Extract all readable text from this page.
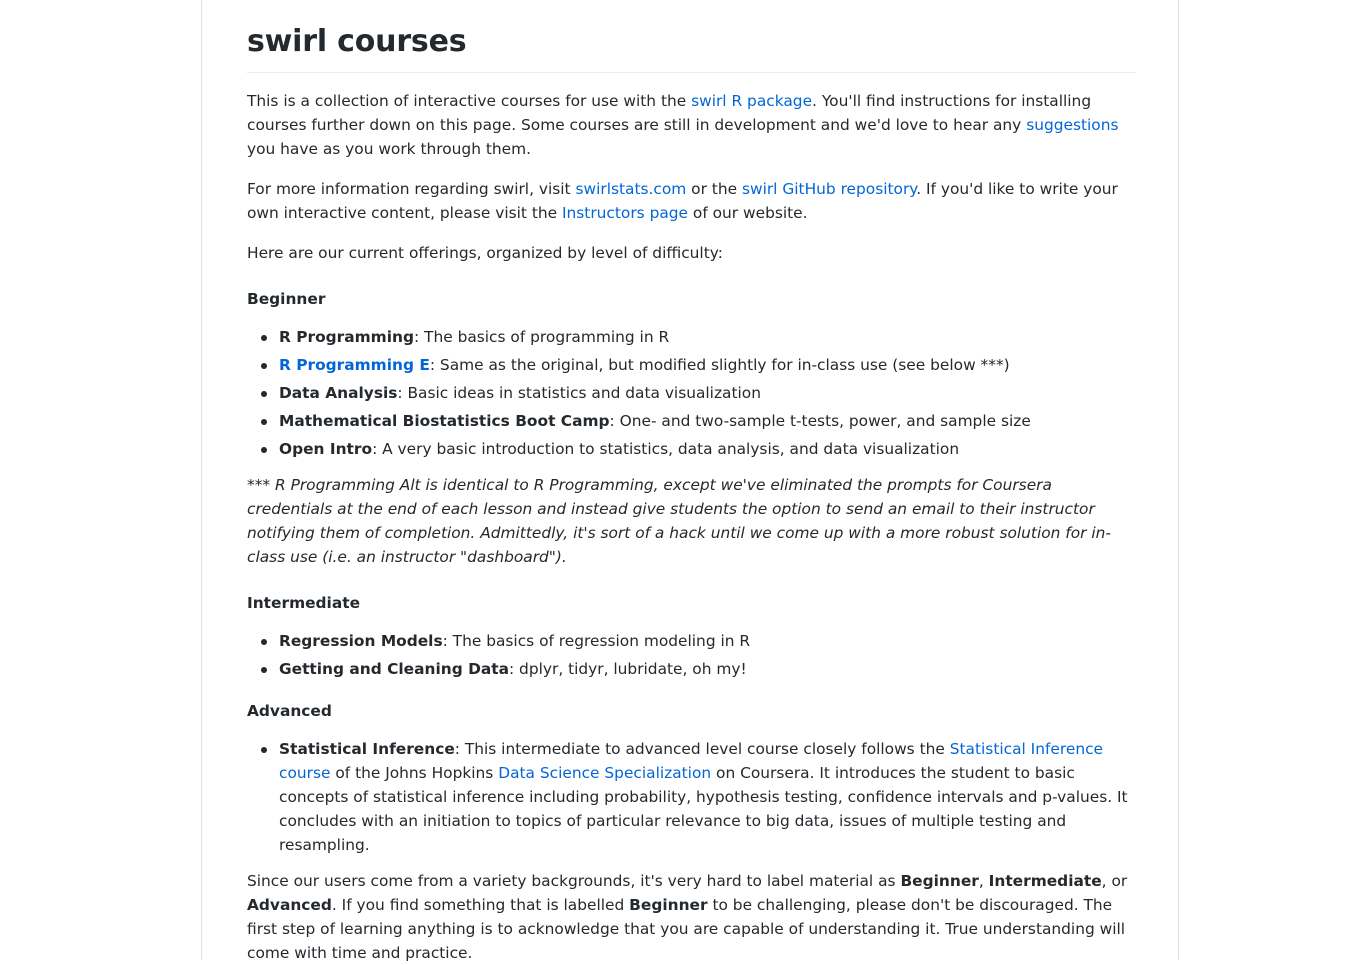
swirl courses

This is a collection of interactive courses for use with the swirl R package. You'll find instructions for installing courses further down on this page. Some courses are still in development and we'd love to hear any suggestions you have as you work through them.

For more information regarding swirl, visit swirlstats.com or the swirl GitHub repository. If you'd like to write your own interactive content, please visit the Instructors page of our website.

Here are our current offerings, organized by level of difficulty:

Beginner
R Programming: The basics of programming in R
R Programming E: Same as the original, but modified slightly for in-class use (see below ***)
Data Analysis: Basic ideas in statistics and data visualization
Mathematical Biostatistics Boot Camp: One- and two-sample t-tests, power, and sample size
Open Intro: A very basic introduction to statistics, data analysis, and data visualization

*** R Programming Alt is identical to R Programming, except we've eliminated the prompts for Coursera credentials at the end of each lesson and instead give students the option to send an email to their instructor notifying them of completion. Admittedly, it's sort of a hack until we come up with a more robust solution for in-class use (i.e. an instructor "dashboard").

Intermediate
Regression Models: The basics of regression modeling in R
Getting and Cleaning Data: dplyr, tidyr, lubridate, oh my!
Advanced
Statistical Inference: This intermediate to advanced level course closely follows the Statistical Inference course of the Johns Hopkins Data Science Specialization on Coursera. It introduces the student to basic concepts of statistical inference including probability, hypothesis testing, confidence intervals and p-values. It concludes with an initiation to topics of particular relevance to big data, issues of multiple testing and resampling.

Since our users come from a variety backgrounds, it's very hard to label material as Beginner, Intermediate, or Advanced. If you find something that is labelled Beginner to be challenging, please don't be discouraged. The first step of learning anything is to acknowledge that you are capable of understanding it. True understanding will come with time and practice.
